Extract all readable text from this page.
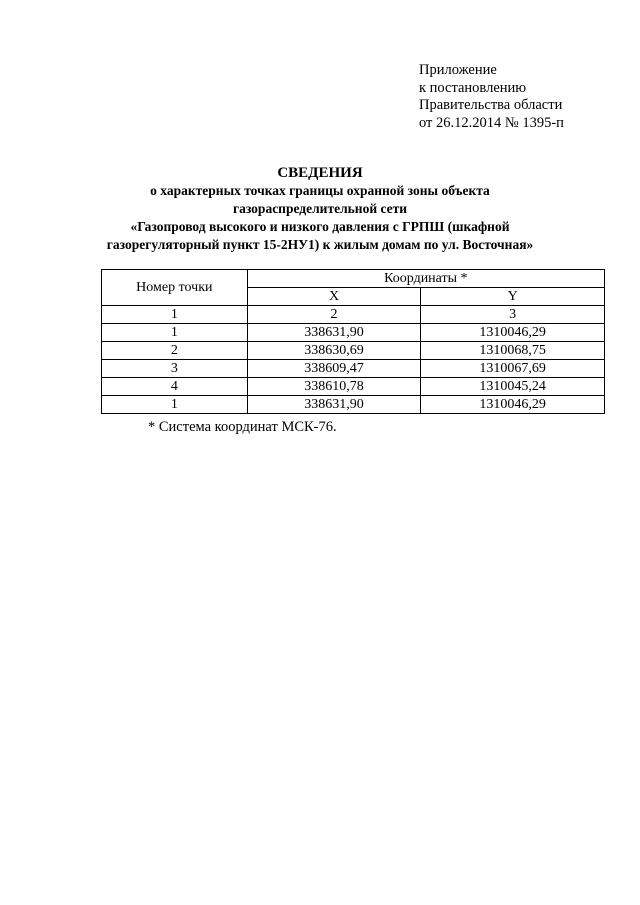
Приложение
к постановлению
Правительства области
от 26.12.2014 № 1395-п
СВЕДЕНИЯ
о характерных точках границы охранной зоны объекта
газораспределительной сети
«Газопровод высокого и низкого давления с ГРПШ (шкафной
газорегуляторный пункт 15-2НУ1) к жилым домам по ул. Восточная»
Номер точки	Координаты *	
	X	Y
1	2	3
1	338631,90	1310046,29
2	338630,69	1310068,75
3	338609,47	1310067,69
4	338610,78	1310045,24
1	338631,90	1310046,29
* Система координат МСК-76.
